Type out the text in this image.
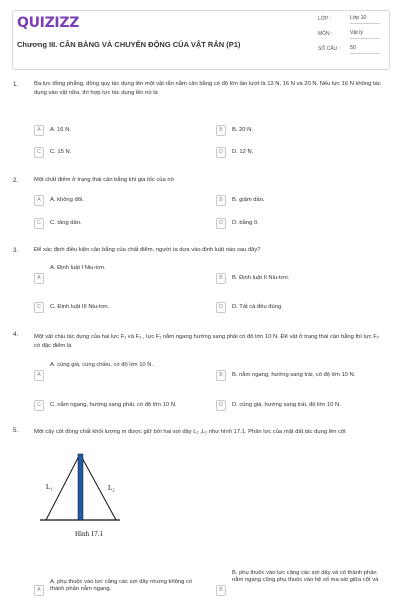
QUIZIZZ
Chương III. CÂN BẰNG VÀ CHUYỂN ĐỘNG CỦA VẬT RẮN (P1)
LỚP :	Lớp 10
MÔN :	Vật lý
SỐ CÂU : 50
1.	Ba lực đồng phẳng, đồng quy tác dụng lên một vật rắn nằm cân bằng có độ lớn lần lượt là 12 N, 16 N và 20 N. Nếu lực 16 N không tác dụng vào vật nữa, thì hợp lực tác dụng lên nó là
A	A. 16 N.	B	B. 20 N.
C	C. 15 N.	D	D. 12 N.
2.	Một chất điểm ở trạng thái cân bằng khi gia tốc của nó
A	A. không đổi.	B	B. giảm dần.
C	C. tăng dần.	D	D. bằng 0.
3.	Để xác định điều kiện cân bằng của chất điểm, người ta dựa vào định luật nào sau đây?
A
A. Định luật I Niu-tơn.
B	B. Định luật II Niu-tơn.
C	C. Định luật III Niu-tơn.	D	D. Tất cả đều đúng.
4.	Một vật chịu tác dụng của hai lực F₁ và F₂ , lực F₁ nằm ngang hướng sang phải có độ lớn 10 N. Để vật ở trạng thái cân bằng thì lực F₂ có đặc điểm là
A
A. cùng giá, cùng chiều, có độ lớn 10 N.
B	B. nằm ngang, hướng sang trái, có độ lớn 10 N.
C	C. nằm ngang, hướng sang phải, có độ lớn 10 N.	D	D. cùng giá, hướng sang trái, độ lớn 10 N.
5.	Một cây cột đồng chất khối lượng m được giữ bởi hai sợi dây L₁ ,L₂ như hình 17.1. Phản lực của mặt đất tác dụng lên cột
L₁	L₂
Hình 17.1
A
A. phụ thuộc vào lực căng các sợi dây nhưng không có thành phần nằm ngang.	B
B. phụ thuộc vào lực căng các sợi dây và có thành phần nằm ngang cũng phụ thuộc vào hệ số ma sát giữa cột và
